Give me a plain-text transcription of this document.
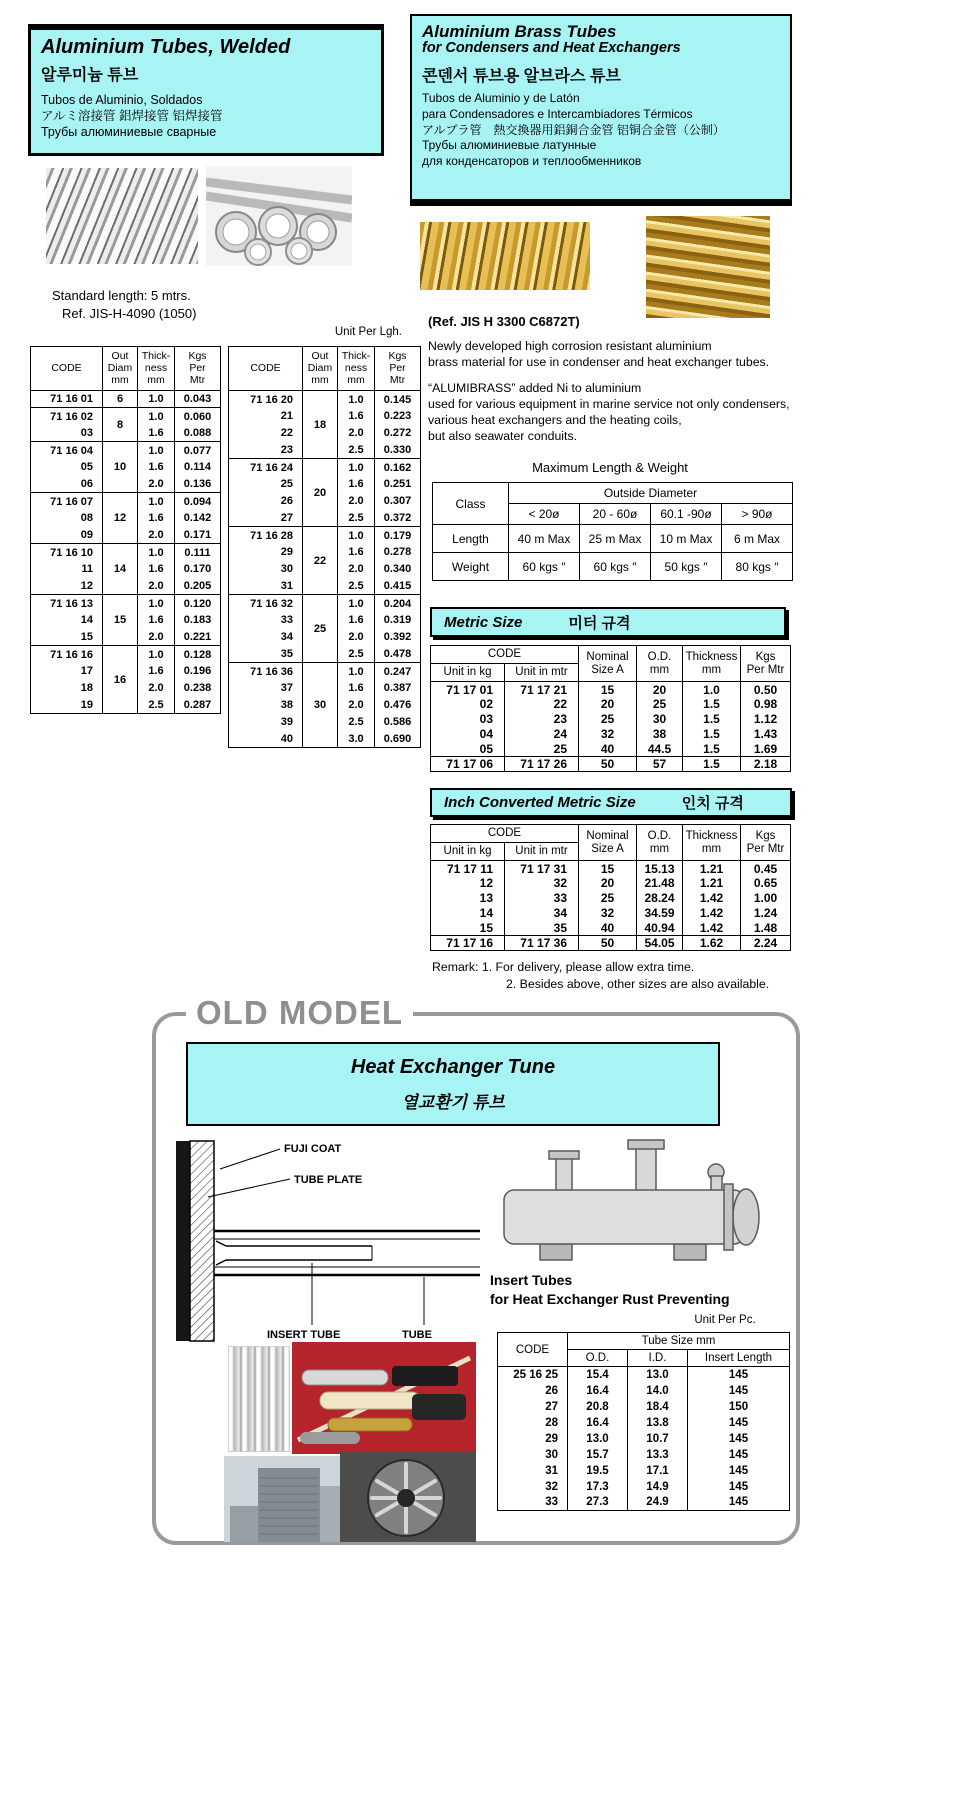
Aluminium Tubes, Welded
알루미늄 튜브
Tubos de Aluminio, Soldados
アルミ溶接管 鋁焊接管 铝焊接管
Трубы алюминиевые сварные
Aluminium Brass Tubes
for Condensers and Heat Exchangers
콘덴서 튜브용 알브라스 튜브
Tubos de Aluminio y de Latón
para Condensadores e Intercambiadores Térmicos
アルブラ管　熱交換器用鋁銅合金管 铝铜合金管（公制）
Трубы алюминиевые латунные
для конденсаторов и теплообменников
Standard length: 5 mtrs.
Ref. JIS-H-4090 (1050)
Unit Per Lgh.
CODE	Out
Diam
mm	Thick-
ness
mm	Kgs
Per
Mtr
71 16 01	6	1.0	0.043
71 16 02	8	1.0	0.060
03		1.6	0.088
71 16 04	10	1.0	0.077
05		1.6	0.114
06		2.0	0.136
71 16 07	12	1.0	0.094
08		1.6	0.142
09		2.0	0.171
71 16 10	14	1.0	0.111
11		1.6	0.170
12		2.0	0.205
71 16 13	15	1.0	0.120
14		1.6	0.183
15		2.0	0.221
71 16 16	16	1.0	0.128
17		1.6	0.196
18		2.0	0.238
19		2.5	0.287
CODE	Out
Diam
mm	Thick-
ness
mm	Kgs
Per
Mtr
71 16 20	18	1.0	0.145
21		1.6	0.223
22		2.0	0.272
23		2.5	0.330
71 16 24	20	1.0	0.162
25		1.6	0.251
26		2.0	0.307
27		2.5	0.372
71 16 28	22	1.0	0.179
29		1.6	0.278
30		2.0	0.340
31		2.5	0.415
71 16 32	25	1.0	0.204
33		1.6	0.319
34		2.0	0.392
35		2.5	0.478
71 16 36	30	1.0	0.247
37		1.6	0.387
38		2.0	0.476
39		2.5	0.586
40		3.0	0.690
(Ref. JIS H 3300 C6872T)
Newly developed high corrosion resistant aluminium
brass material for use in condenser and heat exchanger tubes.
“ALUMIBRASS” added Ni to aluminium
used for various equipment in marine service not only condensers,
various heat exchangers and the heating coils,
but also seawater conduits.
Maximum Length & Weight
Class	Outside Diameter			
	< 20ø	20 - 60ø	60.1 -90ø	> 90ø
Length	40 m Max	25 m Max	10 m Max	6 m Max
Weight	60 kgs ″	60 kgs ″	50 kgs ″	80 kgs ″
Metric Size	미터 규격
CODE		Nominal
Size A	O.D.
mm	Thickness
mm	Kgs
Per Mtr
Unit in kg	Unit in mtr				
71 17 01	71 17 21	15	20	1.0	0.50
02	22	20	25	1.5	0.98
03	23	25	30	1.5	1.12
04	24	32	38	1.5	1.43
05	25	40	44.5	1.5	1.69
71 17 06	71 17 26	50	57	1.5	2.18
Inch Converted Metric Size	인치 규격
CODE		Nominal
Size A	O.D.
mm	Thickness
mm	Kgs
Per Mtr
Unit in kg	Unit in mtr				
71 17 11	71 17 31	15	15.13	1.21	0.45
12	32	20	21.48	1.21	0.65
13	33	25	28.24	1.42	1.00
14	34	32	34.59	1.42	1.24
15	35	40	40.94	1.42	1.48
71 17 16	71 17 36	50	54.05	1.62	2.24
Remark: 1. For delivery, please allow extra time.
2. Besides above, other sizes are also available.
OLD MODEL
Heat Exchanger Tune
열교환기 튜브
FUJI COAT
TUBE PLATE
INSERT TUBE	TUBE
Insert Tubes
for Heat Exchanger Rust Preventing
Unit Per Pc.
CODE	Tube Size mm		
	O.D.	I.D.	Insert Length
25 16 25	15.4	13.0	145
26	16.4	14.0	145
27	20.8	18.4	150
28	16.4	13.8	145
29	13.0	10.7	145
30	15.7	13.3	145
31	19.5	17.1	145
32	17.3	14.9	145
33	27.3	24.9	145
